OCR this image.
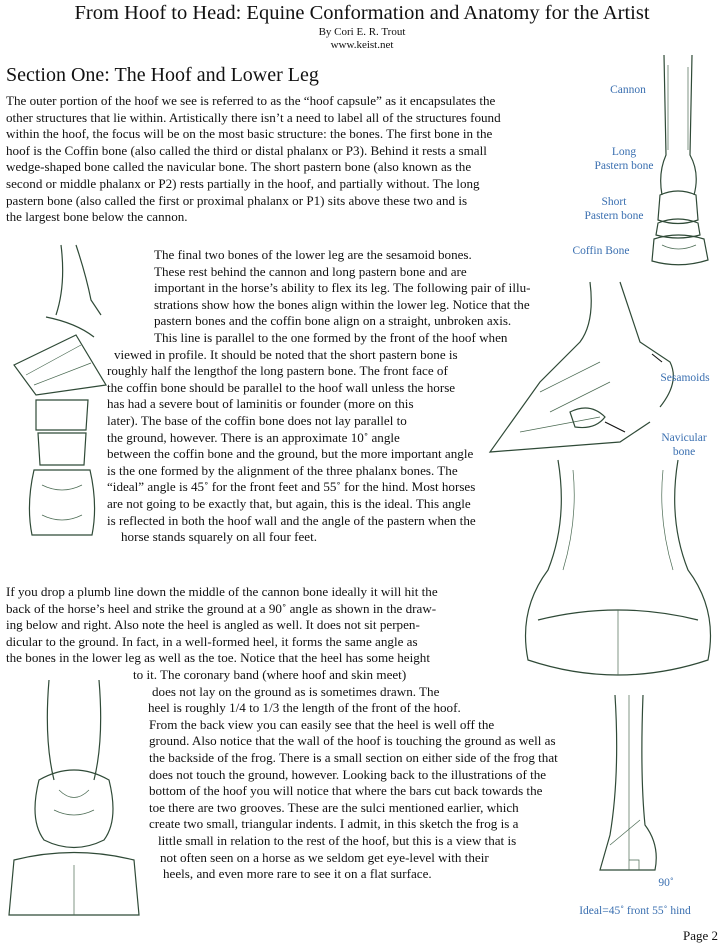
From Hoof to Head: Equine Conformation and Anatomy for the Artist
By Cori E. R. Trout
www.keist.net
Section One: The Hoof and Lower Leg
The outer portion of the hoof we see is referred to as the “hoof capsule” as it encapsulates the
other structures that lie within. Artistically there isn’t a need to label all of the structures found
within the hoof, the focus will be on the most basic structure: the bones. The first bone in the
hoof is the Coffin bone (also called the third or distal phalanx or P3). Behind it rests a small
wedge-shaped bone called the navicular bone. The short pastern bone (also known as the
second or middle phalanx or P2) rests partially in the hoof, and partially without. The long
pastern bone (also called the first or proximal phalanx or P1) sits above these two and is
the largest bone below the cannon.
The final two bones of the lower leg are the sesamoid bones.
These rest behind the cannon and long pastern bone and are
important in the horse’s ability to flex its leg. The following pair of illu-
strations show how the bones align within the lower leg. Notice that the
pastern bones and the coffin bone align on a straight, unbroken axis.
This line is parallel to the one formed by the front of the hoof when
viewed in profile. It should be noted that the short pastern bone is
roughly half the lengthof the long pastern bone. The front face of
the coffin bone should be parallel to the hoof wall unless the horse
has had a severe bout of laminitis or founder (more on this
later). The base of the coffin bone does not lay parallel to
the ground, however. There is an approximate 10˚ angle
between the coffin bone and the ground, but the more important angle
is the one formed by the alignment of the three phalanx bones. The
“ideal” angle is 45˚ for the front feet and 55˚ for the hind. Most horses
are not going to be exactly that, but again, this is the ideal. This angle
is reflected in both the hoof wall and the angle of the pastern when the
horse stands squarely on all four feet.
If you drop a plumb line down the middle of the cannon bone ideally it will hit the
back of the horse’s heel and strike the ground at a 90˚ angle as shown in the draw-
ing below and right. Also note the heel is angled as well. It does not sit perpen-
dicular to the ground. In fact, in a well-formed heel, it forms the same angle as
the bones in the lower leg as well as the toe. Notice that the heel has some height
to it. The coronary band (where hoof and skin meet)
does not lay on the ground as is sometimes drawn. The
heel is roughly 1/4 to 1/3 the length of the front of the hoof.
From the back view you can easily see that the heel is well off the
ground. Also notice that the wall of the hoof is touching the ground as well as
the backside of the frog. There is a small section on either side of the frog that
does not touch the ground, however. Looking back to the illustrations of the
bottom of the hoof you will notice that where the bars cut back towards the
toe there are two grooves. These are the sulci mentioned earlier, which
create two small, triangular indents. I admit, in this sketch the frog is a
little small in relation to the rest of the hoof, but this is a view that is
not often seen on a horse as we seldom get eye-level with their
heels, and even more rare to see it on a flat surface.
Cannon
Long
Pastern bone
Short
Pastern bone
Coffin Bone
Sesamoids
Navicular
bone
90˚
Ideal=45˚ front 55˚ hind
Page 2
